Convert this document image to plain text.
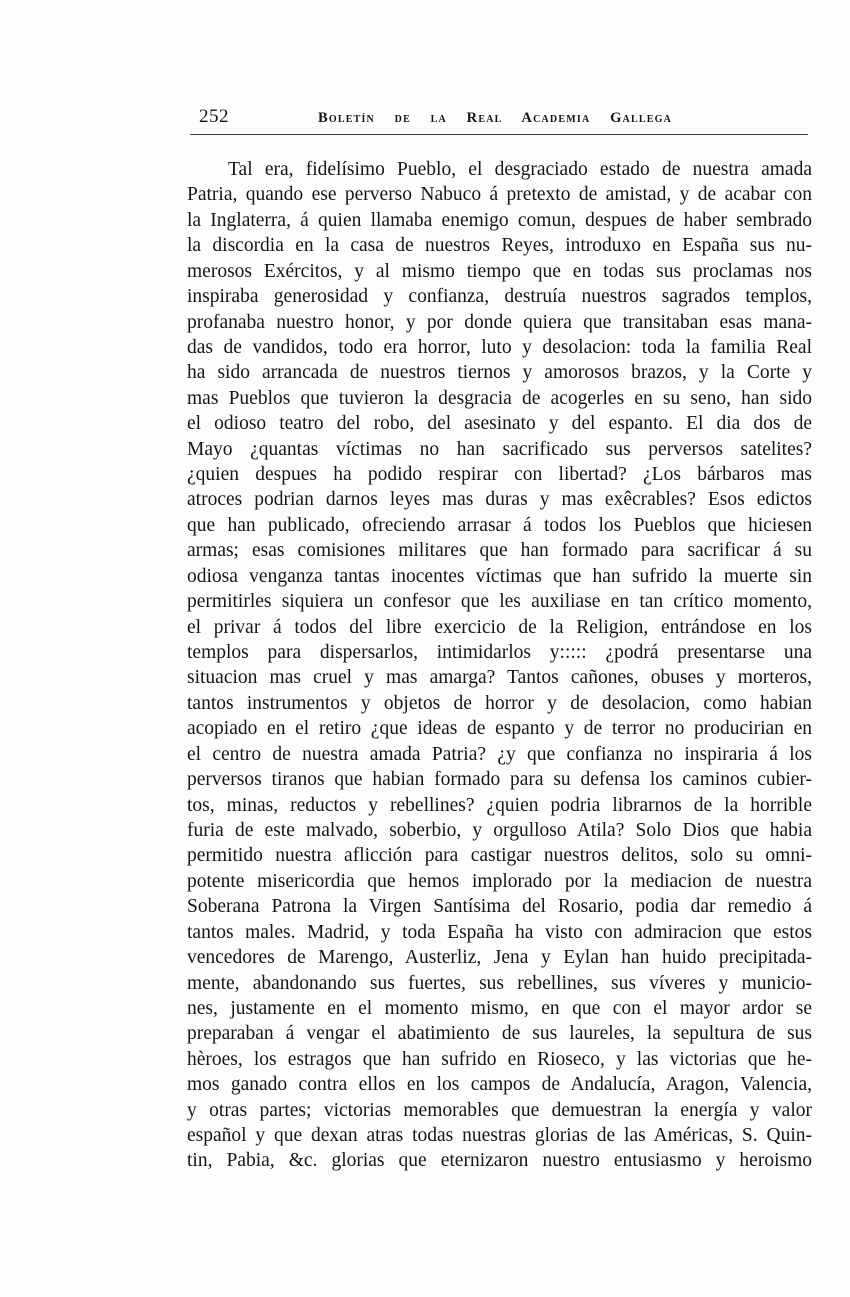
252	Boletín de la Real Academia Gallega
Tal era, fidelísimo Pueblo, el desgraciado estado de nuestra amada
Patria, quando ese perverso Nabuco á pretexto de amistad, y de acabar con
la Inglaterra, á quien llamaba enemigo comun, despues de haber sembrado
la discordia en la casa de nuestros Reyes, introduxo en España sus nu-
merosos Exércitos, y al mismo tiempo que en todas sus proclamas nos
inspiraba generosidad y confianza, destruía nuestros sagrados templos,
profanaba nuestro honor, y por donde quiera que transitaban esas mana-
das de vandidos, todo era horror, luto y desolacion: toda la familia Real
ha sido arrancada de nuestros tiernos y amorosos brazos, y la Corte y
mas Pueblos que tuvieron la desgracia de acogerles en su seno, han sido
el odioso teatro del robo, del asesinato y del espanto. El dia dos de
Mayo ¿quantas víctimas no han sacrificado sus perversos satelites?
¿quien despues ha podido respirar con libertad? ¿Los bárbaros mas
atroces podrian darnos leyes mas duras y mas exêcrables? Esos edictos
que han publicado, ofreciendo arrasar á todos los Pueblos que hiciesen
armas; esas comisiones militares que han formado para sacrificar á su
odiosa venganza tantas inocentes víctimas que han sufrido la muerte sin
permitirles siquiera un confesor que les auxiliase en tan crítico momento,
el privar á todos del libre exercicio de la Religion, entrándose en los
templos para dispersarlos, intimidarlos y::::: ¿podrá presentarse una
situacion mas cruel y mas amarga? Tantos cañones, obuses y morteros,
tantos instrumentos y objetos de horror y de desolacion, como habian
acopiado en el retiro ¿que ideas de espanto y de terror no producirian en
el centro de nuestra amada Patria? ¿y que confianza no inspiraria á los
perversos tiranos que habian formado para su defensa los caminos cubier-
tos, minas, reductos y rebellines? ¿quien podria librarnos de la horrible
furia de este malvado, soberbio, y orgulloso Atila? Solo Dios que habia
permitido nuestra aflicción para castigar nuestros delitos, solo su omni-
potente misericordia que hemos implorado por la mediacion de nuestra
Soberana Patrona la Virgen Santísima del Rosario, podia dar remedio á
tantos males. Madrid, y toda España ha visto con admiracion que estos
vencedores de Marengo, Austerliz, Jena y Eylan han huido precipitada-
mente, abandonando sus fuertes, sus rebellines, sus víveres y municio-
nes, justamente en el momento mismo, en que con el mayor ardor se
preparaban á vengar el abatimiento de sus laureles, la sepultura de sus
hèroes, los estragos que han sufrido en Rioseco, y las victorias que he-
mos ganado contra ellos en los campos de Andalucía, Aragon, Valencia,
y otras partes; victorias memorables que demuestran la energía y valor
español y que dexan atras todas nuestras glorias de las Américas, S. Quin-
tin, Pabia, &c. glorias que eternizaron nuestro entusiasmo y heroismo
